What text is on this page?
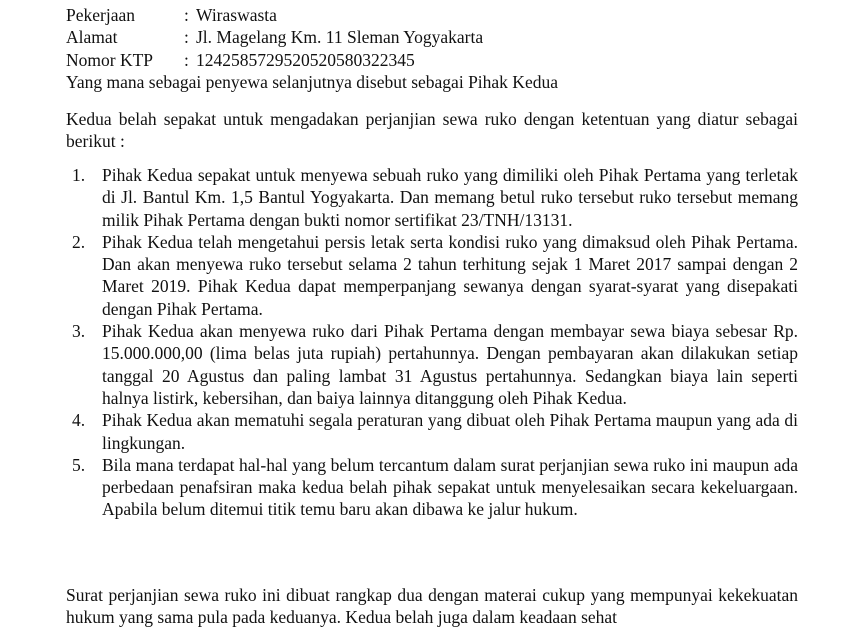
Pekerjaan	: Wiraswasta
Alamat	: Jl. Magelang Km. 11 Sleman Yogyakarta
Nomor KTP : 1242585729520520580322345
Yang mana sebagai penyewa selanjutnya disebut sebagai Pihak Kedua
Kedua belah sepakat untuk mengadakan perjanjian sewa ruko dengan ketentuan yang diatur sebagai berikut :
1. Pihak Kedua sepakat untuk menyewa sebuah ruko yang dimiliki oleh Pihak Pertama yang terletak di Jl. Bantul Km. 1,5 Bantul Yogyakarta. Dan memang betul ruko tersebut ruko tersebut memang milik Pihak Pertama dengan bukti nomor sertifikat 23/TNH/13131.
2. Pihak Kedua telah mengetahui persis letak serta kondisi ruko yang dimaksud oleh Pihak Pertama. Dan akan menyewa ruko tersebut selama 2 tahun terhitung sejak 1 Maret 2017 sampai dengan 2 Maret 2019. Pihak Kedua dapat memperpanjang sewanya dengan syarat-syarat yang disepakati dengan Pihak Pertama.
3. Pihak Kedua akan menyewa ruko dari Pihak Pertama dengan membayar sewa biaya sebesar Rp. 15.000.000,00 (lima belas juta rupiah) pertahunnya. Dengan pembayaran akan dilakukan setiap tanggal 20 Agustus dan paling lambat 31 Agustus pertahunnya. Sedangkan biaya lain seperti halnya listirk, kebersihan, dan baiya lainnya ditanggung oleh Pihak Kedua.
4. Pihak Kedua akan mematuhi segala peraturan yang dibuat oleh Pihak Pertama maupun yang ada di lingkungan.
5. Bila mana terdapat hal-hal yang belum tercantum dalam surat perjanjian sewa ruko ini maupun ada perbedaan penafsiran maka kedua belah pihak sepakat untuk menyelesaikan secara kekeluargaan. Apabila belum ditemui titik temu baru akan dibawa ke jalur hukum.
Surat perjanjian sewa ruko ini dibuat rangkap dua dengan materai cukup yang mempunyai kekekuatan hukum yang sama pula pada keduanya. Kedua belah juga dalam keadaan sehat
